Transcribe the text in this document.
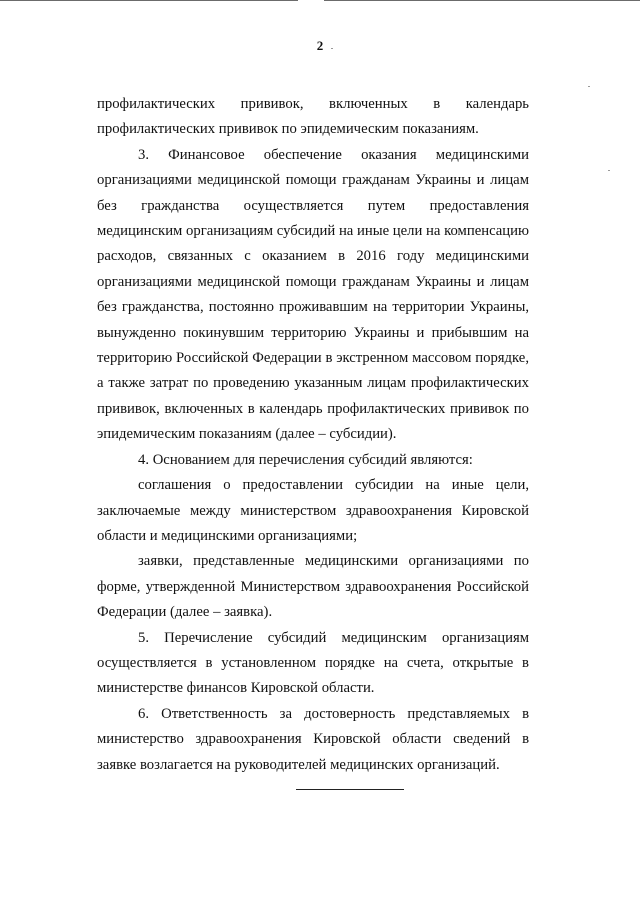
2

профилактических прививок, включенных в календарь профилактических прививок по эпидемическим показаниям.

3. Финансовое обеспечение оказания медицинскими организациями медицинской помощи гражданам Украины и лицам без гражданства осуществляется путем предоставления медицинским организациям субсидий на иные цели на компенсацию расходов, связанных с оказанием в 2016 году медицинскими организациями медицинской помощи гражданам Украины и лицам без гражданства, постоянно проживавшим на территории Украины, вынужденно покинувшим территорию Украины и прибывшим на территорию Российской Федерации в экстренном массовом порядке, а также затрат по проведению указанным лицам профилактических прививок, включенных в календарь профилактических прививок по эпидемическим показаниям (далее – субсидии).

4. Основанием для перечисления субсидий являются:

соглашения о предоставлении субсидии на иные цели, заключаемые между министерством здравоохранения Кировской области и медицинскими организациями;

заявки, представленные медицинскими организациями по форме, утвержденной Министерством здравоохранения Российской Федерации (далее – заявка).

5. Перечисление субсидий медицинским организациям осуществляется в установленном порядке на счета, открытые в министерстве финансов Кировской области.

6. Ответственность за достоверность представляемых в министерство здравоохранения Кировской области сведений в заявке возлагается на руководителей медицинских организаций.
